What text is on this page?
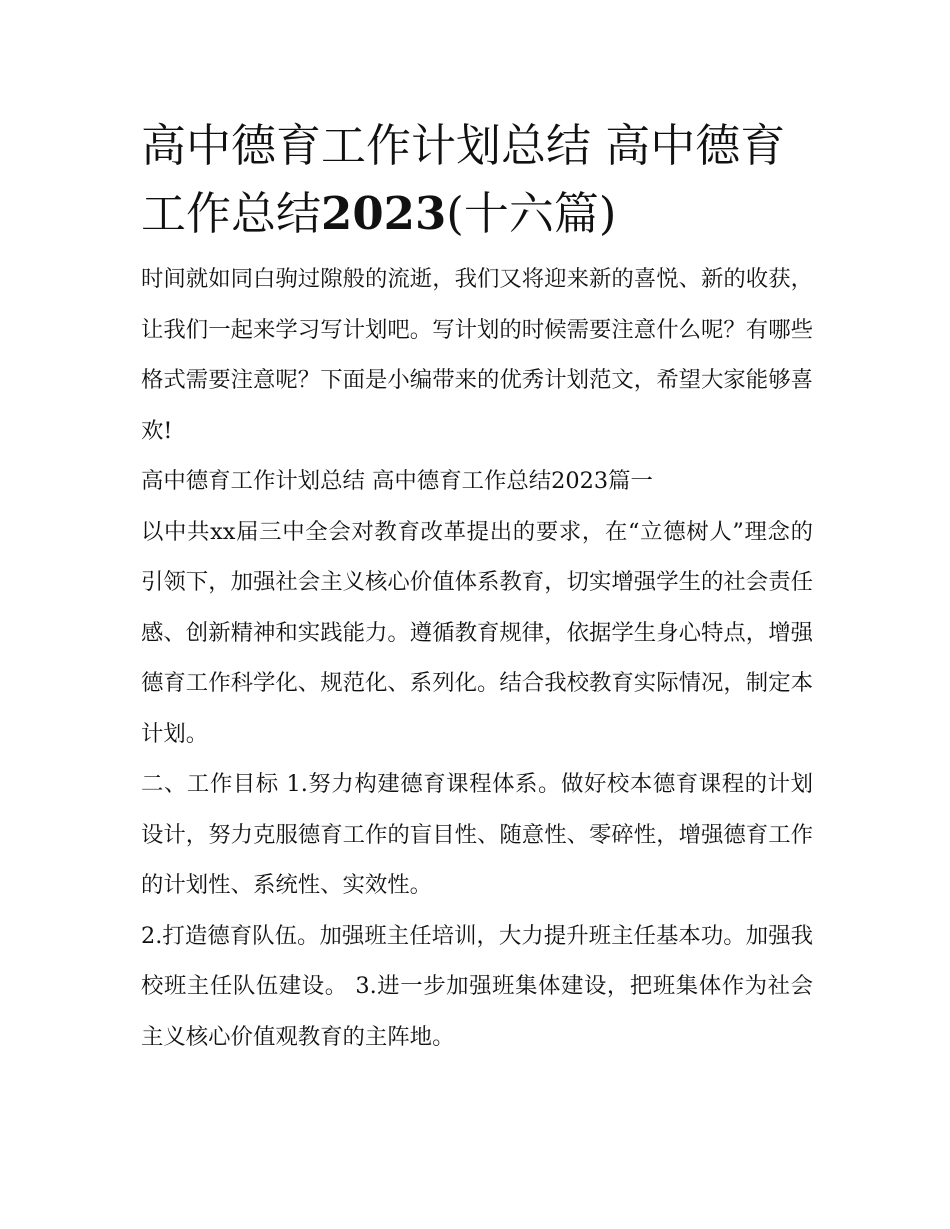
高中德育工作计划总结 高中德育工作总结2023(十六篇)

时间就如同白驹过隙般的流逝，我们又将迎来新的喜悦、新的收获，让我们一起来学习写计划吧。写计划的时候需要注意什么呢？有哪些格式需要注意呢？下面是小编带来的优秀计划范文，希望大家能够喜欢!

高中德育工作计划总结 高中德育工作总结2023篇一

以中共xx届三中全会对教育改革提出的要求，在“立德树人”理念的引领下，加强社会主义核心价值体系教育，切实增强学生的社会责任感、创新精神和实践能力。遵循教育规律，依据学生身心特点，增强德育工作科学化、规范化、系列化。结合我校教育实际情况，制定本计划。

二、工作目标 1.努力构建德育课程体系。做好校本德育课程的计划设计，努力克服德育工作的盲目性、随意性、零碎性，增强德育工作的计划性、系统性、实效性。

2.打造德育队伍。加强班主任培训，大力提升班主任基本功。加强我校班主任队伍建设。 3.进一步加强班集体建设，把班集体作为社会主义核心价值观教育的主阵地。
